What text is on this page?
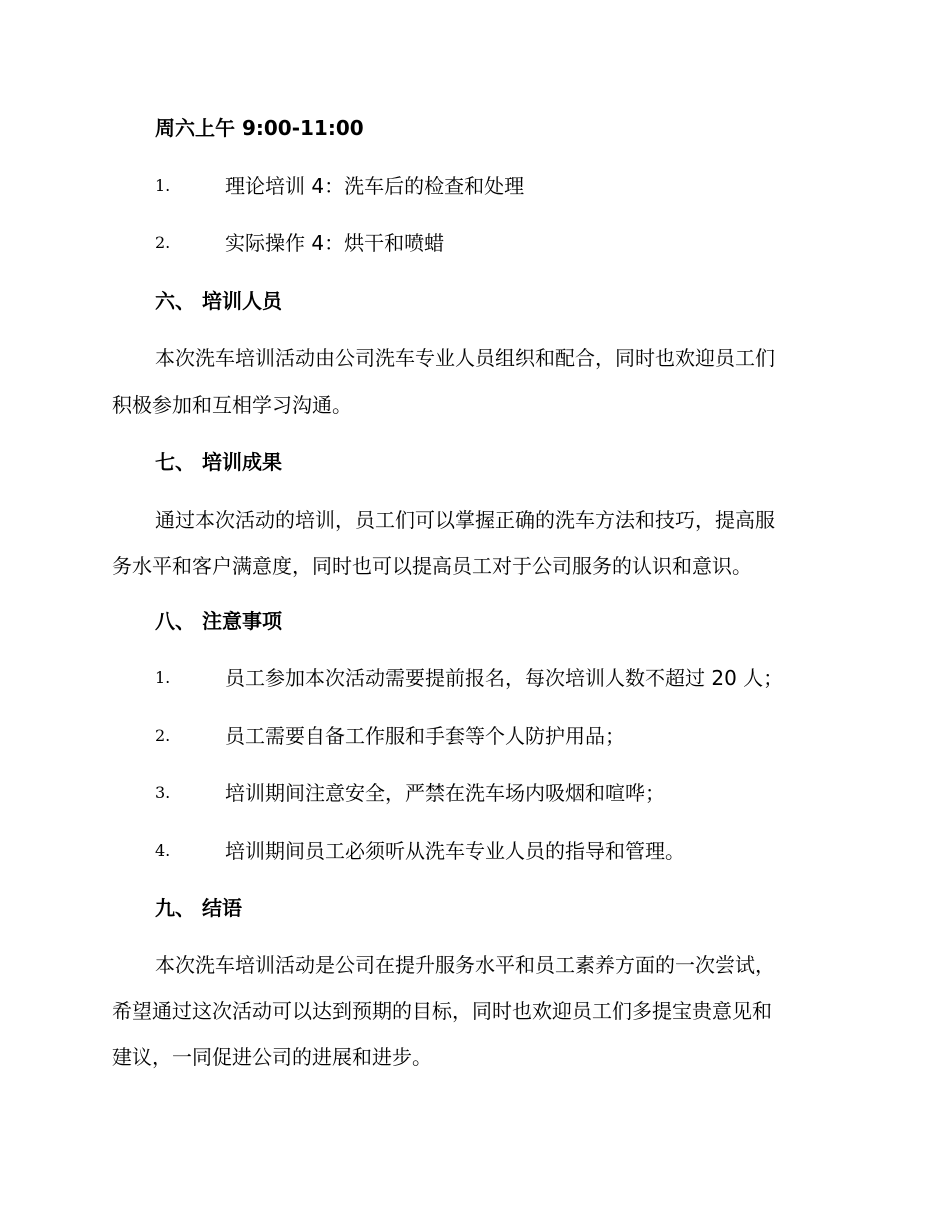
周六上午 9:00-11:00
1.	理论培训 4：洗车后的检查和处理
2.	实际操作 4：烘干和喷蜡
六、 培训人员
本次洗车培训活动由公司洗车专业人员组织和配合，同时也欢迎员工们
积极参加和互相学习沟通。
七、 培训成果
通过本次活动的培训，员工们可以掌握正确的洗车方法和技巧，提高服
务水平和客户满意度，同时也可以提高员工对于公司服务的认识和意识。
八、 注意事项
1.	员工参加本次活动需要提前报名，每次培训人数不超过 20 人；
2.	员工需要自备工作服和手套等个人防护用品；
3.	培训期间注意安全，严禁在洗车场内吸烟和喧哗；
4.	培训期间员工必须听从洗车专业人员的指导和管理。
九、 结语
本次洗车培训活动是公司在提升服务水平和员工素养方面的一次尝试，
希望通过这次活动可以达到预期的目标，同时也欢迎员工们多提宝贵意见和
建议，一同促进公司的进展和进步。
